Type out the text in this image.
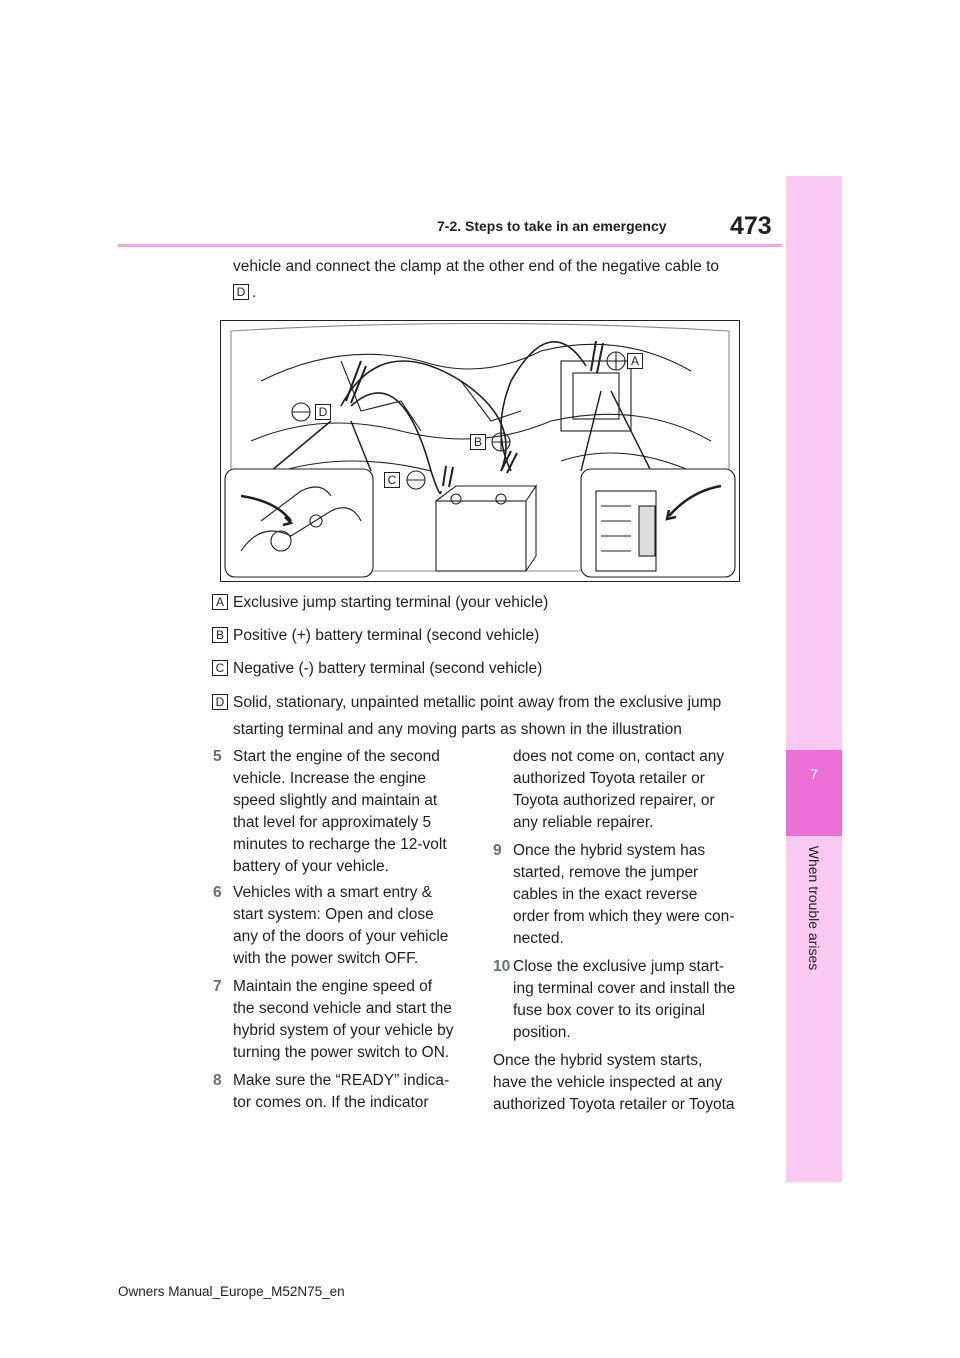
7-2. Steps to take in an emergency	473
7
When trouble arises
vehicle and connect the clamp at the other end of the negative cable to
D .
A
B
C
D
A Exclusive jump starting terminal (your vehicle)
B Positive (+) battery terminal (second vehicle)
C Negative (-) battery terminal (second vehicle)
D Solid, stationary, unpainted metallic point away from the exclusive jump
starting terminal and any moving parts as shown in the illustration
5 Start the engine of the second
vehicle. Increase the engine
speed slightly and maintain at
that level for approximately 5
minutes to recharge the 12-volt
battery of your vehicle.
6 Vehicles with a smart entry &
start system: Open and close
any of the doors of your vehicle
with the power switch OFF.
7 Maintain the engine speed of
the second vehicle and start the
hybrid system of your vehicle by
turning the power switch to ON.
8 Make sure the “READY” indica-
tor comes on. If the indicator
does not come on, contact any
authorized Toyota retailer or
Toyota authorized repairer, or
any reliable repairer.
9 Once the hybrid system has
started, remove the jumper
cables in the exact reverse
order from which they were con-
nected.
10 Close the exclusive jump start-
ing terminal cover and install the
fuse box cover to its original
position.
Once the hybrid system starts,
have the vehicle inspected at any
authorized Toyota retailer or Toyota
Owners Manual_Europe_M52N75_en
